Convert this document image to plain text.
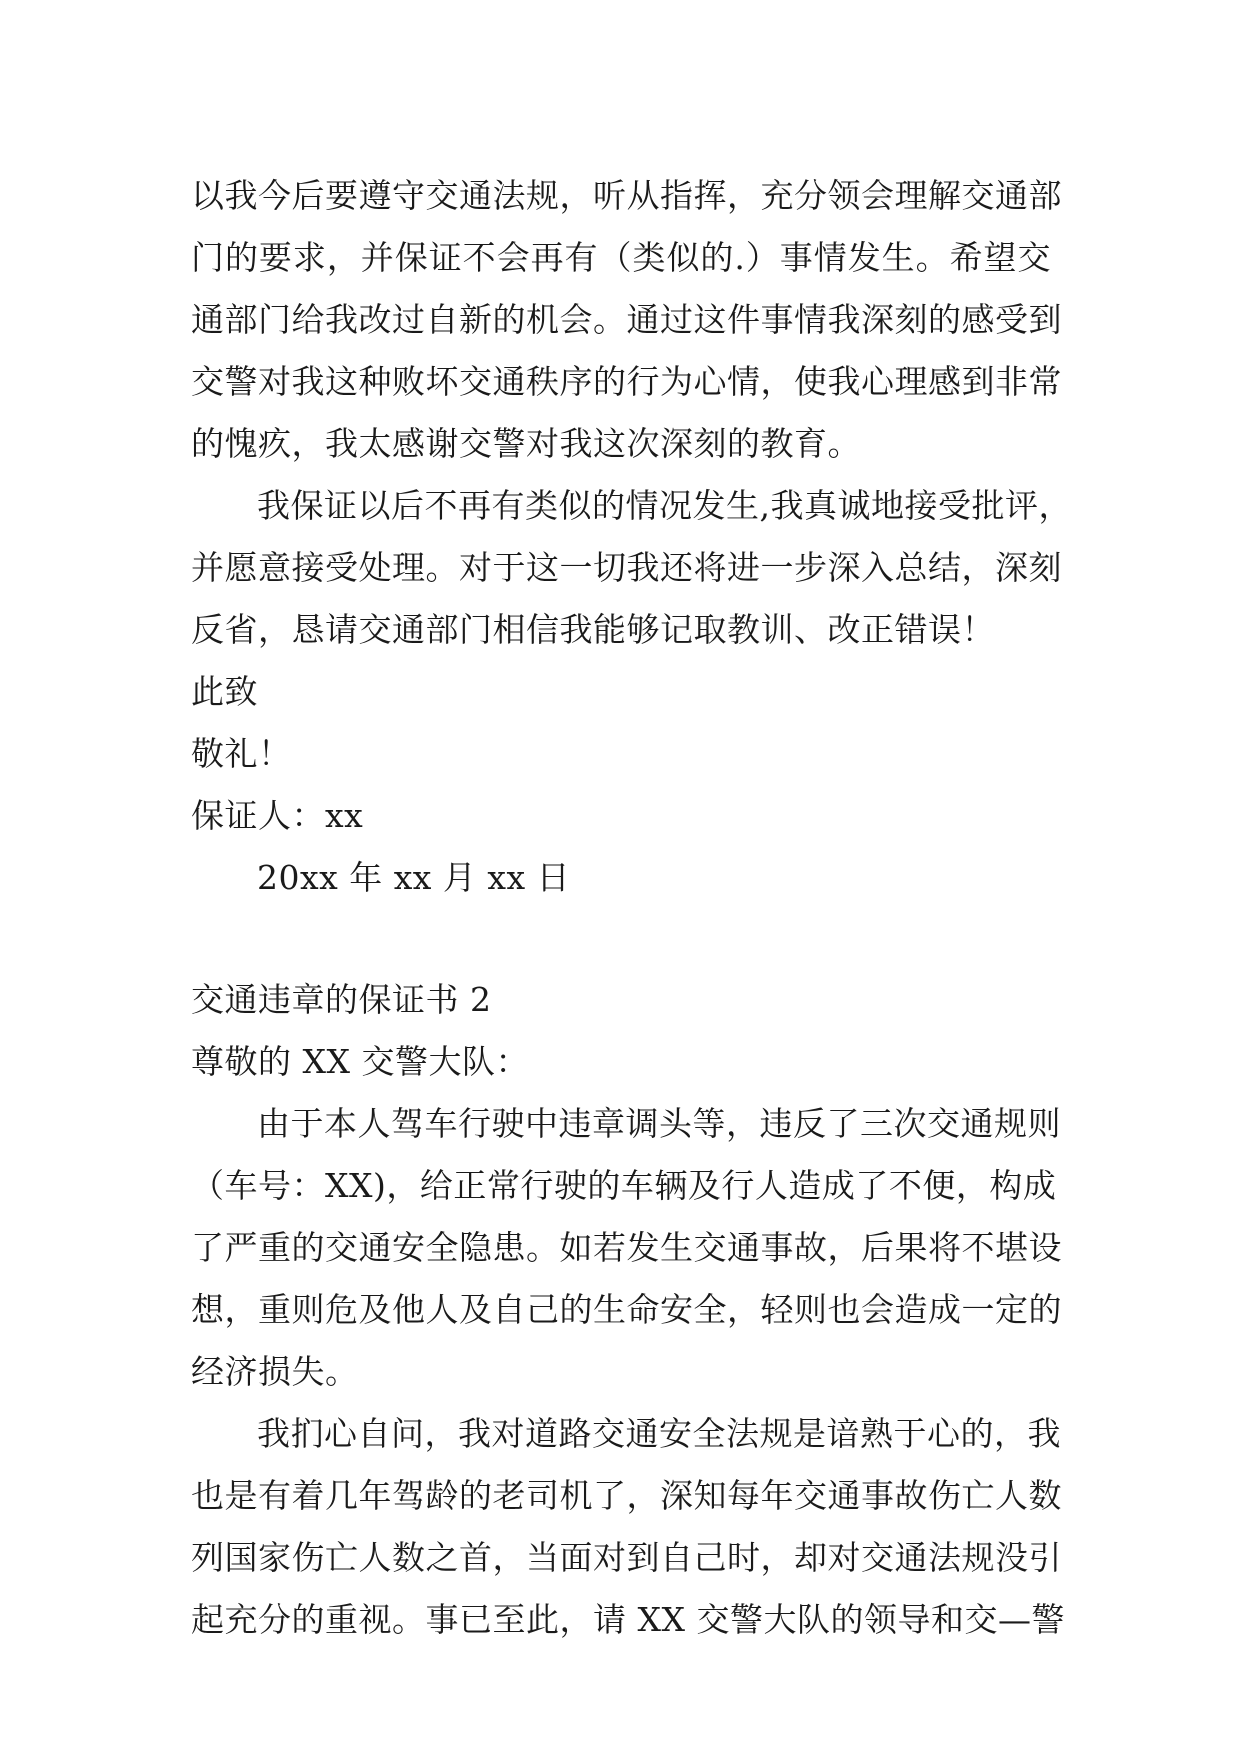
以我今后要遵守交通法规，听从指挥，充分领会理解交通部
门的要求，并保证不会再有（类似的.）事情发生。希望交
通部门给我改过自新的机会。通过这件事情我深刻的感受到
交警对我这种败坏交通秩序的行为心情，使我心理感到非常
的愧疚，我太感谢交警对我这次深刻的教育。
我保证以后不再有类似的情况发生,我真诚地接受批评，
并愿意接受处理。对于这一切我还将进一步深入总结，深刻
反省，恳请交通部门相信我能够记取教训、改正错误！
此致
敬礼！
保证人：xx
20xx 年 xx 月 xx 日
交通违章的保证书 2
尊敬的 XX 交警大队：
由于本人驾车行驶中违章调头等，违反了三次交通规则
（车号：XX)，给正常行驶的车辆及行人造成了不便，构成
了严重的交通安全隐患。如若发生交通事故，后果将不堪设
想，重则危及他人及自己的生命安全，轻则也会造成一定的
经济损失。
我扪心自问，我对道路交通安全法规是谙熟于心的，我
也是有着几年驾龄的老司机了，深知每年交通事故伤亡人数
列国家伤亡人数之首，当面对到自己时，却对交通法规没引
起充分的重视。事已至此，请 XX 交警大队的领导和交—警
